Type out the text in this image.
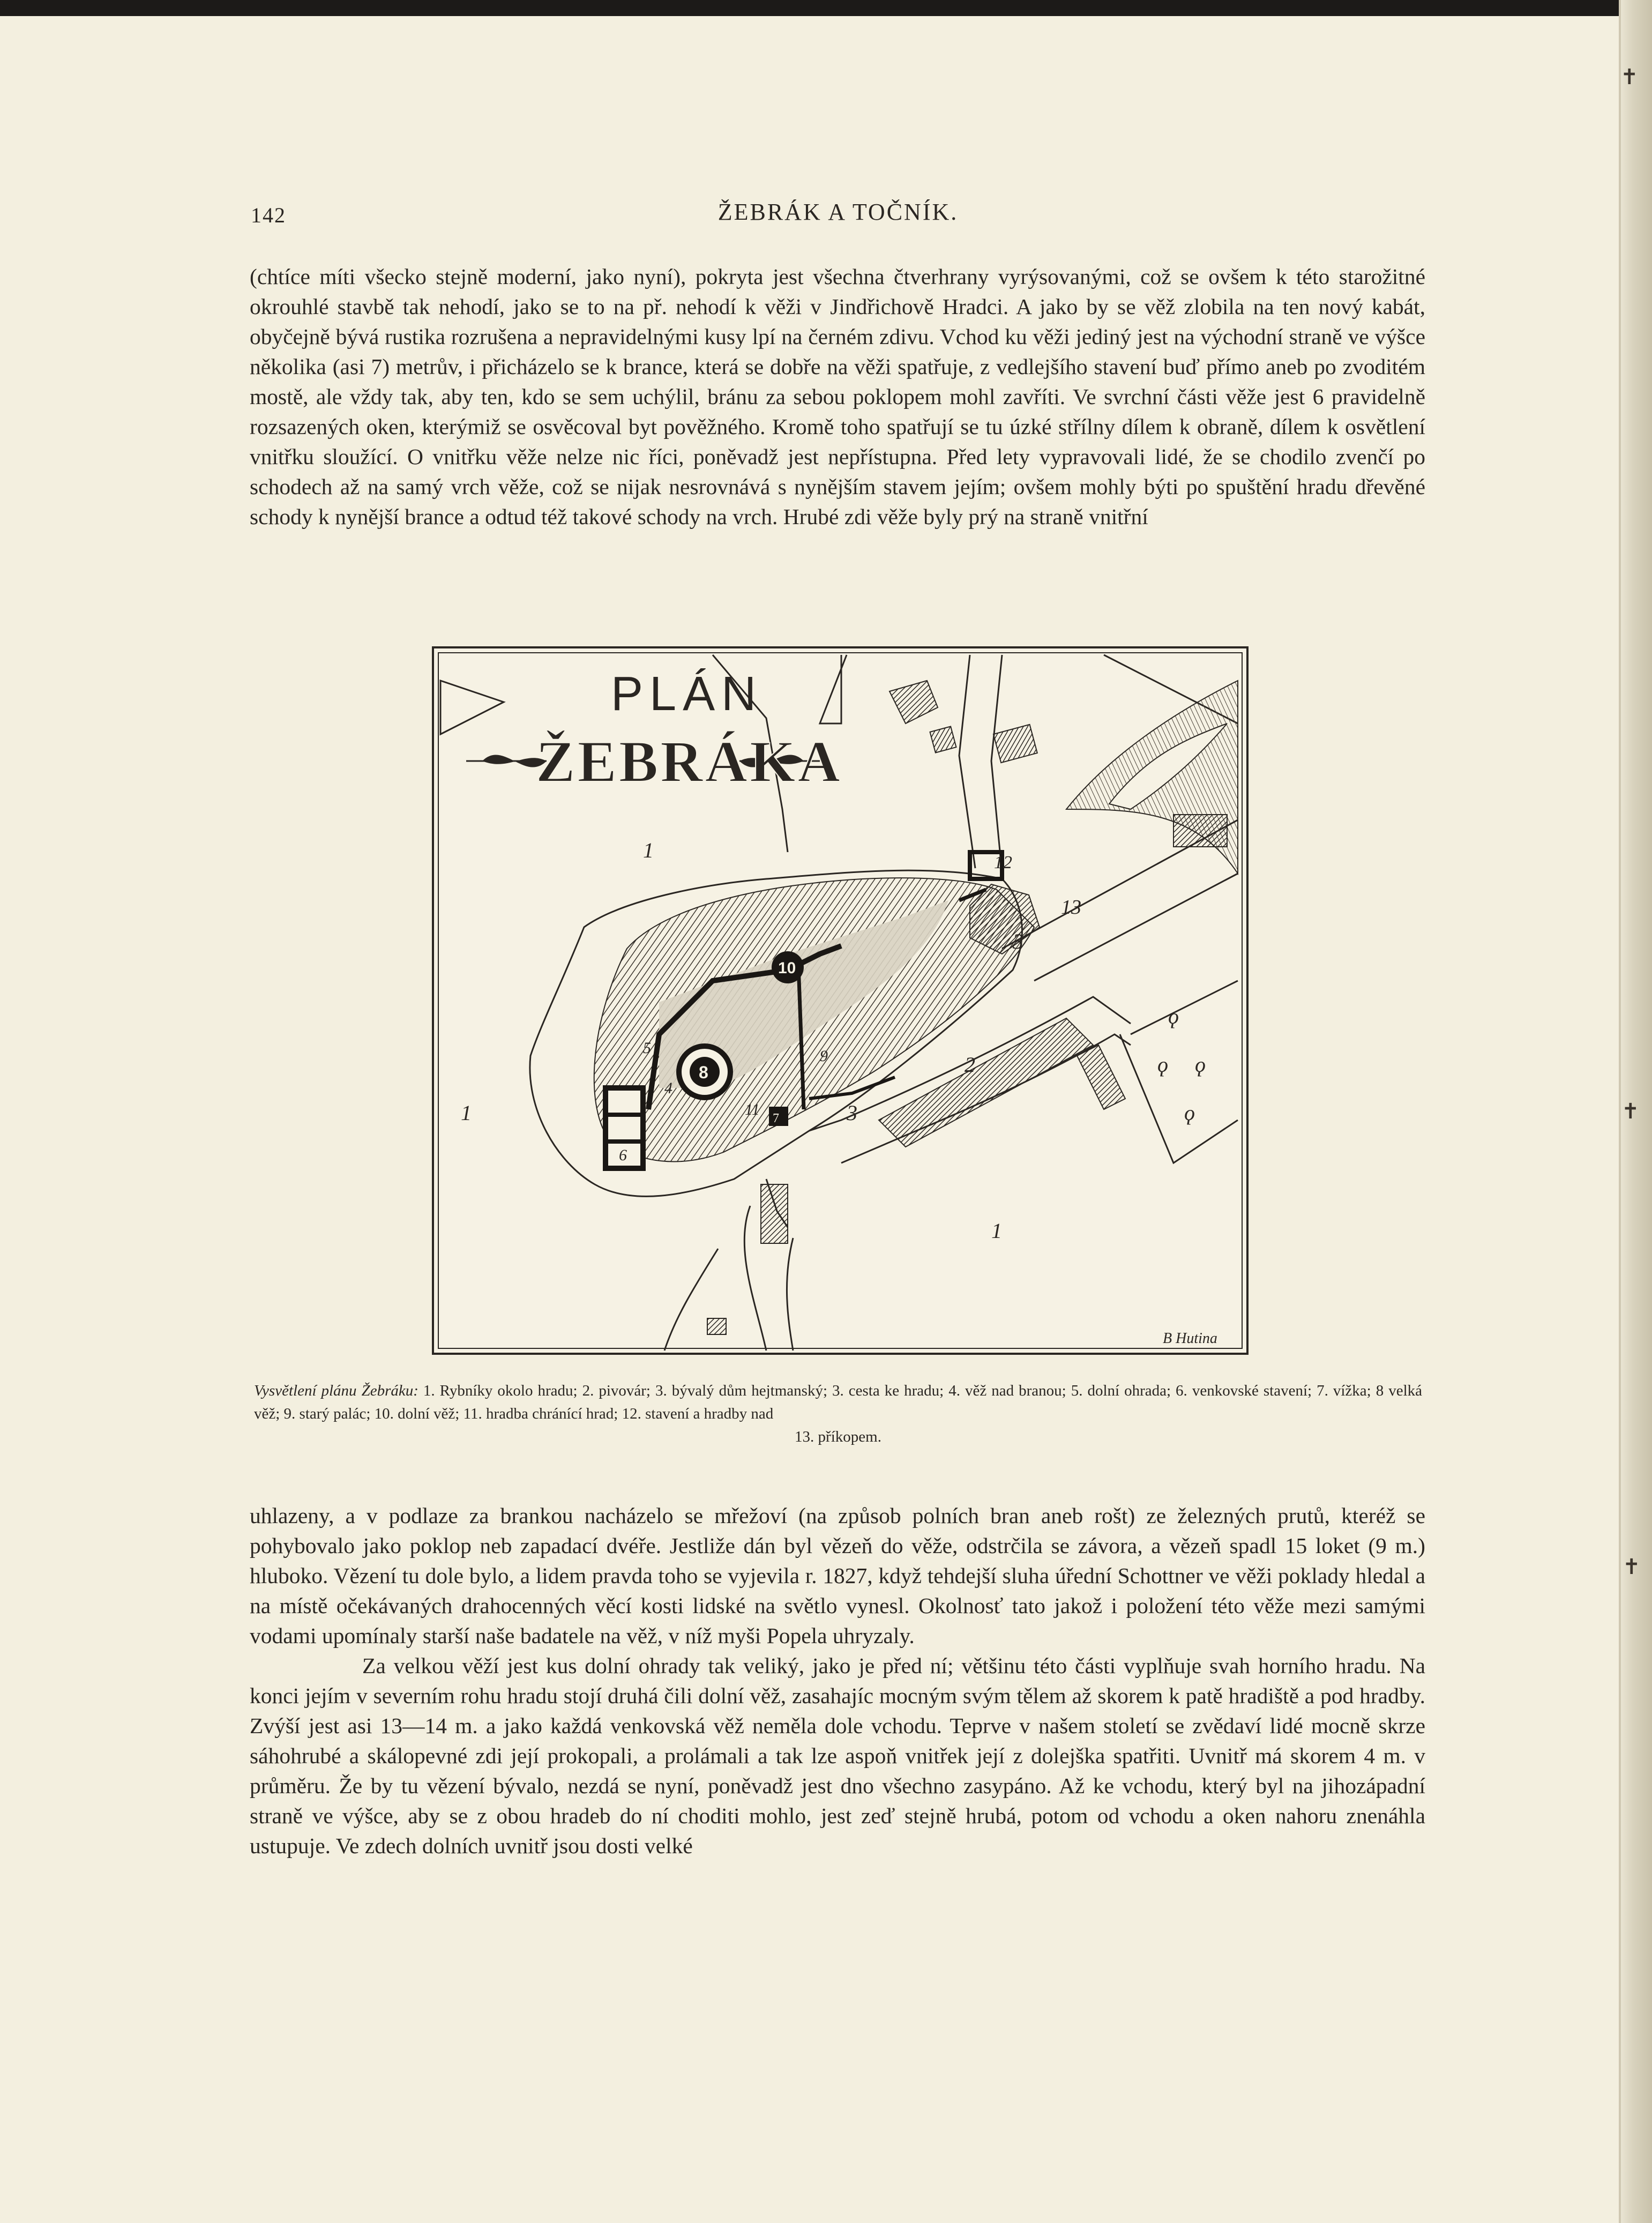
✝
✝
✝
142	ŽEBRÁK A TOČNÍK.

(chtíce míti všecko stejně moderní, jako nyní), pokryta jest všechna čtverhrany vyrýsovanými, což se ovšem k této starožitné okrouhlé stavbě tak nehodí, jako se to na př. nehodí k věži v Jindřichově Hradci. A jako by se věž zlobila na ten nový kabát, obyčejně bývá rustika rozrušena a nepravidelnými kusy lpí na černém zdivu. Vchod ku věži jediný jest na východní straně ve výšce několika (asi 7) metrův, i přicházelo se k brance, která se dobře na věži spatřuje, z vedlejšího stavení buď přímo aneb po zvoditém mostě, ale vždy tak, aby ten, kdo se sem uchýlil, bránu za sebou poklopem mohl zavříti. Ve svrchní části věže jest 6 pravidelně rozsazených oken, kterýmiž se osvěcoval byt pověžného. Kromě toho spatřují se tu úzké střílny dílem k obraně, dílem k osvětlení vnitřku sloužící. O vnitřku věže nelze nic říci, poněvadž jest nepřístupna. Před lety vypravovali lidé, že se chodilo zvenčí po schodech až na samý vrch věže, což se nijak nesrovnává s nynějším stavem jejím; ovšem mohly býti po spuštění hradu dřevěné schody k nynější brance a odtud též takové schody na vrch. Hrubé zdi věže byly prý na straně vnitřní

ϙ
ϙ ϙ
ϙ
PLÁN
ŽEBRÁKA
1
1
1
2
3
3
4
5
6
9
11
12
13
7
8
10
B Hutina
Vysvětlení plánu Žebráku: 1. Rybníky okolo hradu; 2. pivovár; 3. bývalý dům hejtmanský; 3. cesta ke hradu; 4. věž nad branou; 5. dolní ohrada; 6. venkovské stavení; 7. vížka; 8 velká věž; 9. starý palác; 10. dolní věž; 11. hradba chránící hrad; 12. stavení a hradby nad
13. příkopem.

uhlazeny, a v podlaze za brankou nacházelo se mřežoví (na způsob polních bran aneb rošt) ze železných prutů, kteréž se pohybovalo jako poklop neb zapadací dvéře. Jestliže dán byl vězeň do věže, odstrčila se závora, a vězeň spadl 15 loket (9 m.) hluboko. Vězení tu dole bylo, a lidem pravda toho se vyjevila r. 1827, když tehdejší sluha úřední Schottner ve věži poklady hledal a na místě očekávaných drahocenných věcí kosti lidské na světlo vynesl. Okolnosť tato jakož i položení této věže mezi samými vodami upomínaly starší naše badatele na věž, v níž myši Popela uhryzaly.

Za velkou věží jest kus dolní ohrady tak veliký, jako je před ní; většinu této části vyplňuje svah horního hradu. Na konci jejím v severním rohu hradu stojí druhá čili dolní věž, zasahajíc mocným svým tělem až skorem k patě hradiště a pod hradby. Zvýší jest asi 13—14 m. a jako každá venkovská věž neměla dole vchodu. Teprve v našem století se zvědaví lidé mocně skrze sáhohrubé a skálopevné zdi její prokopali, a prolámali a tak lze aspoň vnitřek její z dolejška spatřiti. Uvnitř má skorem 4 m. v průměru. Že by tu vězení bývalo, nezdá se nyní, poněvadž jest dno všechno zasypáno. Až ke vchodu, který byl na jihozápadní straně ve výšce, aby se z obou hradeb do ní choditi mohlo, jest zeď stejně hrubá, potom od vchodu a oken nahoru znenáhla ustupuje. Ve zdech dolních uvnitř jsou dosti velké
